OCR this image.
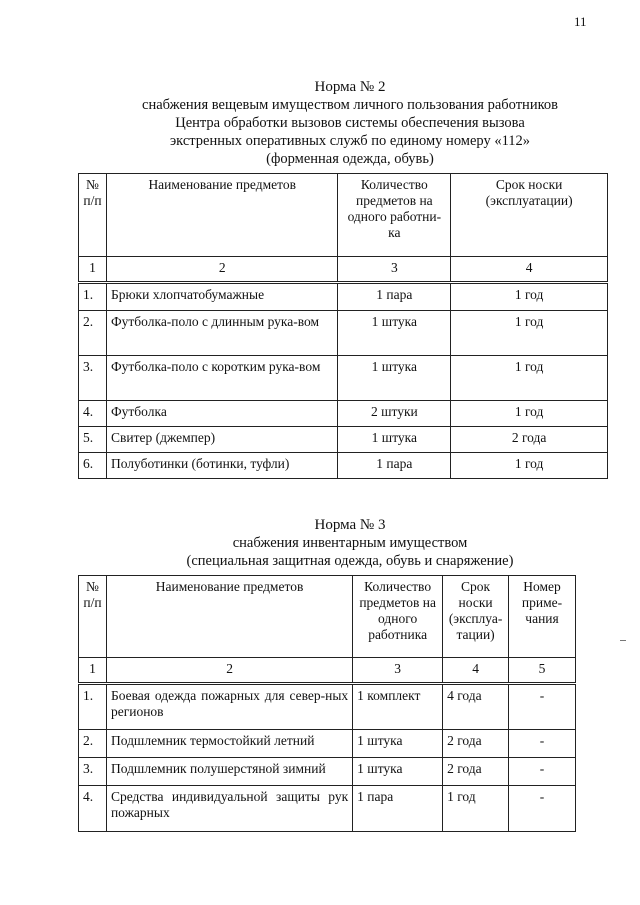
11
Норма № 2
снабжения вещевым имуществом личного пользования работников
Центра обработки вызовов системы обеспечения вызова
экстренных оперативных служб по единому номеру «112»
(форменная одежда, обувь)
№ п/п	Наименование предметов	Количество предметов на одного работни-ка	Срок носки (эксплуатации)
1	2	3	4
1.	Брюки хлопчатобумажные	1 пара	1 год
2.	Футболка-поло с длинным рука-вом	1 штука	1 год
3.	Футболка-поло с коротким рука-вом	1 штука	1 год
4.	Футболка	2 штуки	1 год
5.	Свитер (джемпер)	1 штука	2 года
6.	Полуботинки (ботинки, туфли)	1 пара	1 год
Норма № 3
снабжения инвентарным имуществом
(специальная защитная одежда, обувь и снаряжение)
№ п/п	Наименование предметов	Количество предметов на одного работника	Срок носки (эксплуа-тации)	Номер приме-чания
1	2	3	4	5
1.	Боевая одежда пожарных для север-ных регионов	1 комплект	4 года	-
2.	Подшлемник термостойкий летний	1 штука	2 года	-
3.	Подшлемник полушерстяной зимний	1 штука	2 года	-
4.	Средства индивидуальной защиты рук пожарных	1 пара	1 год	-
